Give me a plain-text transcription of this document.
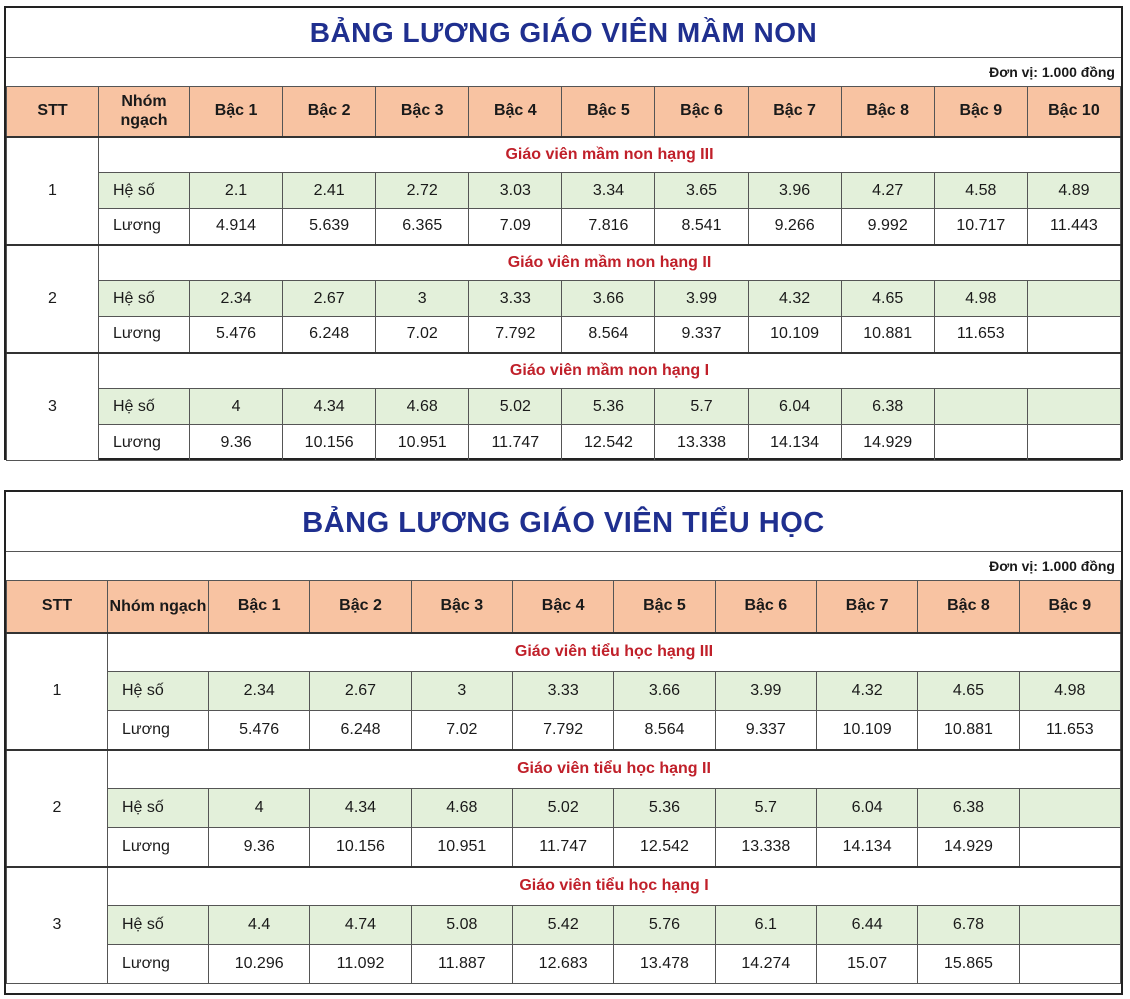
BẢNG LƯƠNG GIÁO VIÊN MẦM NON
Đơn vị: 1.000 đồng
STT	Nhóm ngạch	Bậc 1	Bậc 2	Bậc 3	Bậc 4	Bậc 5	Bậc 6	Bậc 7	Bậc 8	Bậc 9	Bậc 10
1	Giáo viên mầm non hạng III										
	Hệ số	2.1	2.41	2.72	3.03	3.34	3.65	3.96	4.27	4.58	4.89
	Lương	4.914	5.639	6.365	7.09	7.816	8.541	9.266	9.992	10.717	11.443
2	Giáo viên mầm non hạng II										
	Hệ số	2.34	2.67	3	3.33	3.66	3.99	4.32	4.65	4.98	
	Lương	5.476	6.248	7.02	7.792	8.564	9.337	10.109	10.881	11.653	
3	Giáo viên mầm non hạng I										
	Hệ số	4	4.34	4.68	5.02	5.36	5.7	6.04	6.38		
	Lương	9.36	10.156	10.951	11.747	12.542	13.338	14.134	14.929		
BẢNG LƯƠNG GIÁO VIÊN TIỂU HỌC
Đơn vị: 1.000 đồng
STT	Nhóm ngạch	Bậc 1	Bậc 2	Bậc 3	Bậc 4	Bậc 5	Bậc 6	Bậc 7	Bậc 8	Bậc 9
1	Giáo viên tiểu học hạng III									
	Hệ số	2.34	2.67	3	3.33	3.66	3.99	4.32	4.65	4.98
	Lương	5.476	6.248	7.02	7.792	8.564	9.337	10.109	10.881	11.653
2	Giáo viên tiểu học hạng II									
	Hệ số	4	4.34	4.68	5.02	5.36	5.7	6.04	6.38	
	Lương	9.36	10.156	10.951	11.747	12.542	13.338	14.134	14.929	
3	Giáo viên tiểu học hạng I									
	Hệ số	4.4	4.74	5.08	5.42	5.76	6.1	6.44	6.78	
	Lương	10.296	11.092	11.887	12.683	13.478	14.274	15.07	15.865	
